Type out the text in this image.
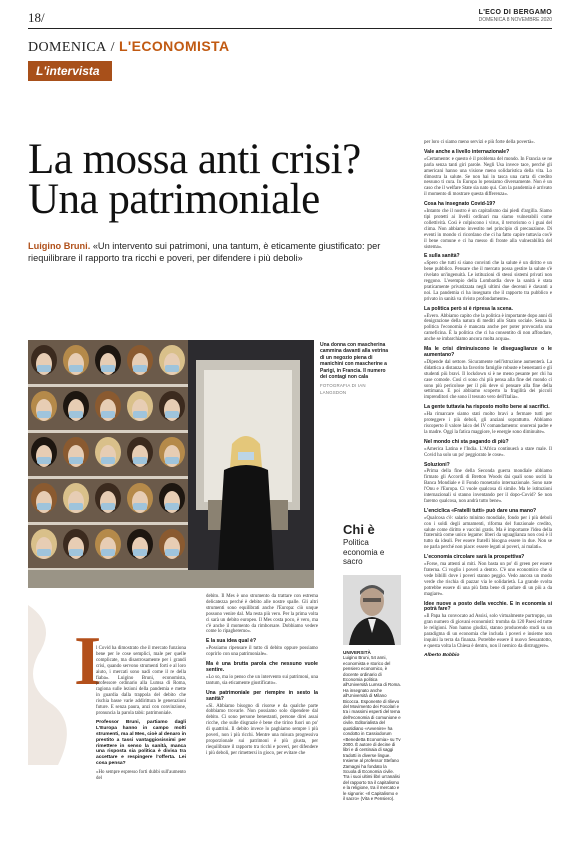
18/	L'ECO DI BERGAMO
DOMENICA 8 NOVEMBRE 2020
DOMENICA / L'ECONOMISTA
L'intervista
La mossa anti crisi?
Una patrimoniale
Luigino Bruni. «Un intervento sui patrimoni, una tantum, è eticamente giustificato: per riequilibrare il rapporto tra ricchi e poveri, per difendere i più deboli»
Una donna con mascherina cammina davanti alla vetrina di un negozio piena di manichini con mascherine a Parigi, in Francia. Il numero dei contagi non cala
FOTOGRAFIA DI IAN LANGSDON
Chi è
Politica economia e sacro
UNIVERSITÀ
Luigino Bruni, 54 anni, economista e storico del pensiero economico, è docente ordinario di Economia politica all'Università Lumsa di Roma. Ha insegnato anche all'Università di Milano Bicocca. Esponente di rilievo del Movimento dei Focolari e tra i massimi esperti del tema dell'economia di comunione e civile. Editorialista del quotidiano «Avvenire» ha condotto in Cassiodorum «Benedetta Economia» su Tv 2000. È autore di decine di libri e di centinaia di saggi tradotti in diverse lingue. Insieme al professor Stefano Zamagni ha fondato la Scuola di Economia civile. Tra i suoi ultimi libri un'analisi del rapporto tra il capitalismo e la religione, tra il mercato e le signorie: «Il Capitalismo e il sacro» (Vita e Pensiero).
I

l Covid ha dimostrato che il mercato funziona bene per le cose semplici, male per quelle complicate, ma disastrosamente per i grandi crisi, quando servono strumenti forti e al loro aiuto, i mercati sono nadi come il re della fiaba». Luigino Bruni, economista, professore ordinario alla Lumsa di Roma, ragiona sulle lezioni della pandemia e mette in guardia dalla trappola del debito che rischia basse varie addirittura le generazioni future. E senza paura, anzi con convinzione, pronuncia la parola tabù: patrimoniale.

Professor Bruni, partiamo dagli L'Europa hanno in campo molti strumenti, ma al Mes, cioè al denaro in prestito a tassi vantaggiosissimi per rimettere in senso la sanità, manca una risposta sia politica è divisa tra accettare e respingere l'offerta. Lei cosa pensa?

«Ho sempre espresso forti dubbi sull'aumento del

debito. Il Mes è uno strumento da trattare con estrema delicatezza perché è debito alle nostre spalle. Gli altri strumenti sono equilibrati anche l'Europa: ciò unque possono venire dal. Ma resta più vero. Per la prima volta ci sarà un debito europeo. Il Mes costa poco, è vero, ma c'è anche il momento da rimborsare. Dobbiamo vedere come lo ripagheremo».

E la sua idea qual è?

«Possiamo ripensare il tutto di debito oppure possiamo coprirlo con una patrimoniale».

Ma è una brutta parola che nessuno vuole sentire.

«Lo so, ma io penso che un intervento sui patrimoni, una tantum, sia eticamente giustificato».

Una patrimoniale per riempire in sesto la sanità?

«Sì. Abbiamo bisogno di risorse e da qualche parte dobbiamo trovarle. Non possiamo solo dipendere dal debito. Ci sono persone benestanti, persone direi assai ricche, che sulle disgrazie è bene che tirino fuori un po' di quattrini. Il debito invece lo paghiamo sempre i più poveri, non i più ricchi. Mentre una misura progressiva proporzionale sui patrimoni è più giusta, per riequilibrare il rapporto tra ricchi e poveri, per difendere i più deboli, per rimettersi in gioco, per evitare che

per loro ci siamo meno servizi e più forte della povertà».

Vale anche a livello internazionale?

«Certamente: e questo è il problema del mondo. In Francia se ne parla senza tanti giri parole. Negli Usa invece tace, perché gli americani hanno una visione meno solidaristica della vita. Lo dimostra la salute. Se non hai in tasca una carta di credito nessuno ti cura. In Europa lo pensiamo diversamente. Non è un caso che il welfare State sia nato qui. Con la pandemia è arrivato il momento di mostrare questa differenza».

Cosa ha insegnato Covid-19?

«Intanto che il nostro è un capitalismo dai piedi d'argilla. Siamo tipi protetti ai livelli ordinari ma siamo vulnerabili come collettività. Così è colpiscono i virus, il terrorismo o i guai del clima. Non abbiamo investito nel principio di precauzione. Di eventi in mondo ci ricordano che ci ha fatto capire tuttavia cos'è il bene comune e ci ha messo di fronte alla vulnerabilità del sistema».

E sulla sanità?

«Spero che tutti si siano convinti che la salute è un diritto e un bene pubblico. Pensare che il mercato possa gestire la salute s'è rivelato un'ingenuità. Le istituzioni di stessi sistemi privati non reggono. L'esempio della Lombardia dove la sanità è stata praticamente privatizzata negli ultimi due decenni è davanti a noi. La pandemia ci ha insegnato che il rapporto tra pubblico e privato in sanità va rivisto profondamente».

La politica però si è ripresa la scena.

«Evero. Abbiamo capito che la politica è importante dopo anni di denigrazione della natura di mediti allo Stato sociale. Senza la politica l'economia è mancata anche per poter provocarla una carneficina. È la politica che ci ha consentito di non affondare, anche se imbarchiamo ancora molta acqua».

Ma le crisi diminuiscono le diseguaglianze o le aumentano?

«Dipende dal settore. Sicuramente nell'istruzione aumenterà. La didattica a distanza ha favorito famiglie robuste e benestanti e gli studenti più bravi. Il lockdown si è ne meno pesante per chi ha case comode. Così ci sono chi più pensa alla fine del mondo ci sono più pericolose per il più deve si pensare alla fine della settimana. E poi abbiamo scoperto la fragilità dei piccoli imprenditori che sono il tessuto vero dell'Italia».

La gente tuttavia ha risposto molto bene ai sacrifici.

«Ha rimarcare siamo stati molto bravi a fermare tutti per proteggere i più deboli, gli anziani soprattutto. Abbiamo riscoperto il valore laico del IV comandamento: onorerai padre e la madre. Oggi la fatica maggiore, le energie sono diminuite».

Nel mondo chi sta pagando di più?

«America Latina e l'India. L'Africa continuerà a stare male. Il Covid ha solo un po' peggiorato le cose».

Soluzioni?

«Prima della fine della Seconda guerra mondiale abbiamo firmato gli Accordi di Bretton Woods dai quali sono usciti la Banca Mondiale e il Fondo monetario internazionale. Sono nate l'Onu e l'Europa. Ci vuole qualcosa di simile. Ma le istituzioni internazionali si stanno inventando per il dopo-Covid? Se non faremo qualcosa, non andrà tutto bene».

L'enciclica «Fratelli tutti» può dare una mano?

«Qualcosa c'è: salario minimo mondiale, fondo per i più deboli con i soldi degli armamenti, riforma del funzionale credito, salute come diritto e vaccini gratis. Ma è importante l'idea della fraternità come unico legame: liberi da uguaglianza non così è il tutto da ideali. Per essere fratelli bisogna essere in due. Non se ne parla perché non piace: essere legati ai poveri, ai malati».

L'economia circolare sarà la prospettiva?

«Forse, ma attenti ai miti. Non basta un po' di green per essere fraterna. Ci voglio i poveri a dentro. C'è uno economico che si vede bibilli dove i poveri stanno peggio. Vedo ancora un modo verde che rischia di pazzar via le solidarietà. La grande svolta potrebbe essere di una più fatta bene di parlare di un più a da magiare».

Idee nuove a posto della vecchie. E in economia si potrà fare?

«Il Papa ha convocato ad Assisi, solo virtualmente purtroppo, un gran numero di giovani economisti: tromba da 120 Paesi ed tutte le religioni. Non hanno giudizi, stanno producendo studi su un paradigma di un economia che includa i poveri e insieme non inquini la terra da finanza. Potrebbe essere il nuovo Sessantotto, e questa volta la Chiesa è dentro, non il nemico da distruggere».

Alberto Bobbio
